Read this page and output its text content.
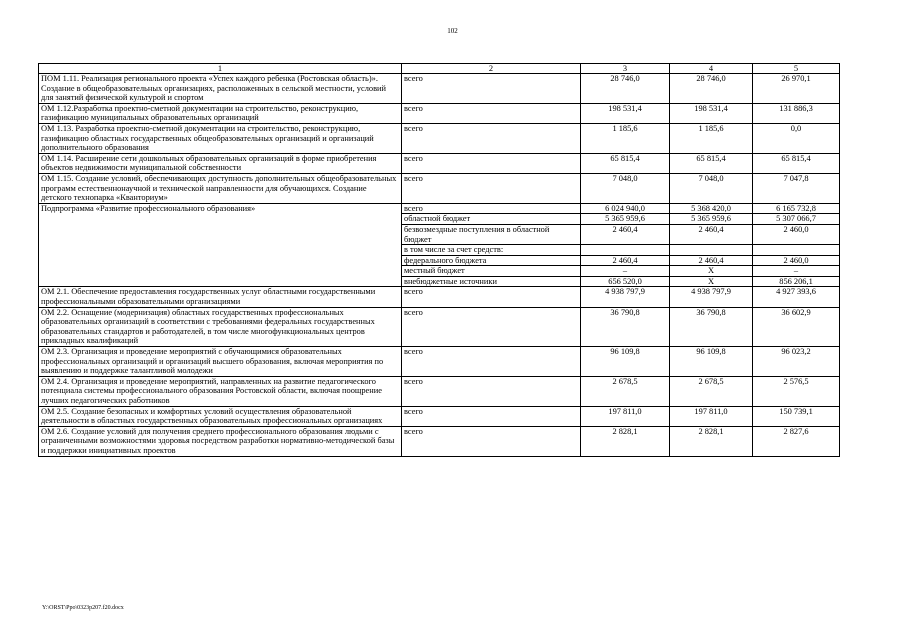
102
1	2	3	4	5
ПОМ 1.11. Реализация регионального проекта «Успех каждого ребенка (Ростовская область)». Создание в общеобразовательных организациях, расположенных в сельской местности, условий для занятий физической культурой и спортом	всего	28 746,0	28 746,0	26 970,1
ОМ 1.12.Разработка проектно-сметной документации на строительство, реконструкцию, газификацию муниципальных образовательных организаций	всего	198 531,4	198 531,4	131 886,3
ОМ 1.13. Разработка проектно-сметной документации на строительство, реконструкцию, газификацию областных государственных общеобразовательных организаций и организаций дополнительного образования	всего	1 185,6	1 185,6	0,0
ОМ 1.14. Расширение сети дошкольных образовательных организаций в форме приобретения объектов недвижимости муниципальной собственности	всего	65 815,4	65 815,4	65 815,4
ОМ 1.15. Создание условий, обеспечивающих доступность дополнительных общеобразовательных программ естественнонаучной и технической направленности для обучающихся. Создание детского технопарка «Кванториум»	всего	7 048,0	7 048,0	7 047,8
Подпрограмма «Развитие профессионального образования»	всего	6 024 940,0	5 368 420,0	6 165 732,8
	областной бюджет	5 365 959,6	5 365 959,6	5 307 066,7
	безвозмездные поступления в областной бюджет	2 460,4	2 460,4	2 460,0
	в том числе за счет средств:			
	федерального бюджета	2 460,4	2 460,4	2 460,0
	местный бюджет	–	X	–
	внебюджетные источники	656 520,0	X	856 206,1
ОМ 2.1. Обеспечение предоставления государственных услуг областными государственными профессиональными образовательными организациями	всего	4 938 797,9	4 938 797,9	4 927 393,6
ОМ 2.2. Оснащение (модернизация) областных государственных профессиональных образовательных организаций в соответствии с требованиями федеральных государственных образовательных стандартов и работодателей, в том числе многофункциональных центров прикладных квалификаций	всего	36 790,8	36 790,8	36 602,9
ОМ 2.3. Организация и проведение мероприятий с обучающимися образовательных профессиональных организаций и организаций высшего образования, включая мероприятия по выявлению и поддержке талантливой молодежи	всего	96 109,8	96 109,8	96 023,2
ОМ 2.4. Организация и проведение мероприятий, направленных на развитие педагогического потенциала системы профессионального образования Ростовской области, включая поощрение лучших педагогических работников	всего	2 678,5	2 678,5	2 576,5
ОМ 2.5. Создание безопасных и комфортных условий осуществления образовательной деятельности в областных государственных образовательных профессиональных организациях	всего	197 811,0	197 811,0	150 739,1
ОМ 2.6. Создание условий для получения среднего профессионального образования людьми с ограниченными возможностями здоровья посредством разработки нормативно-методической базы и поддержки инициативных проектов	всего	2 828,1	2 828,1	2 827,6
Y:\ORST\Ppo\0323p207.f20.docx
